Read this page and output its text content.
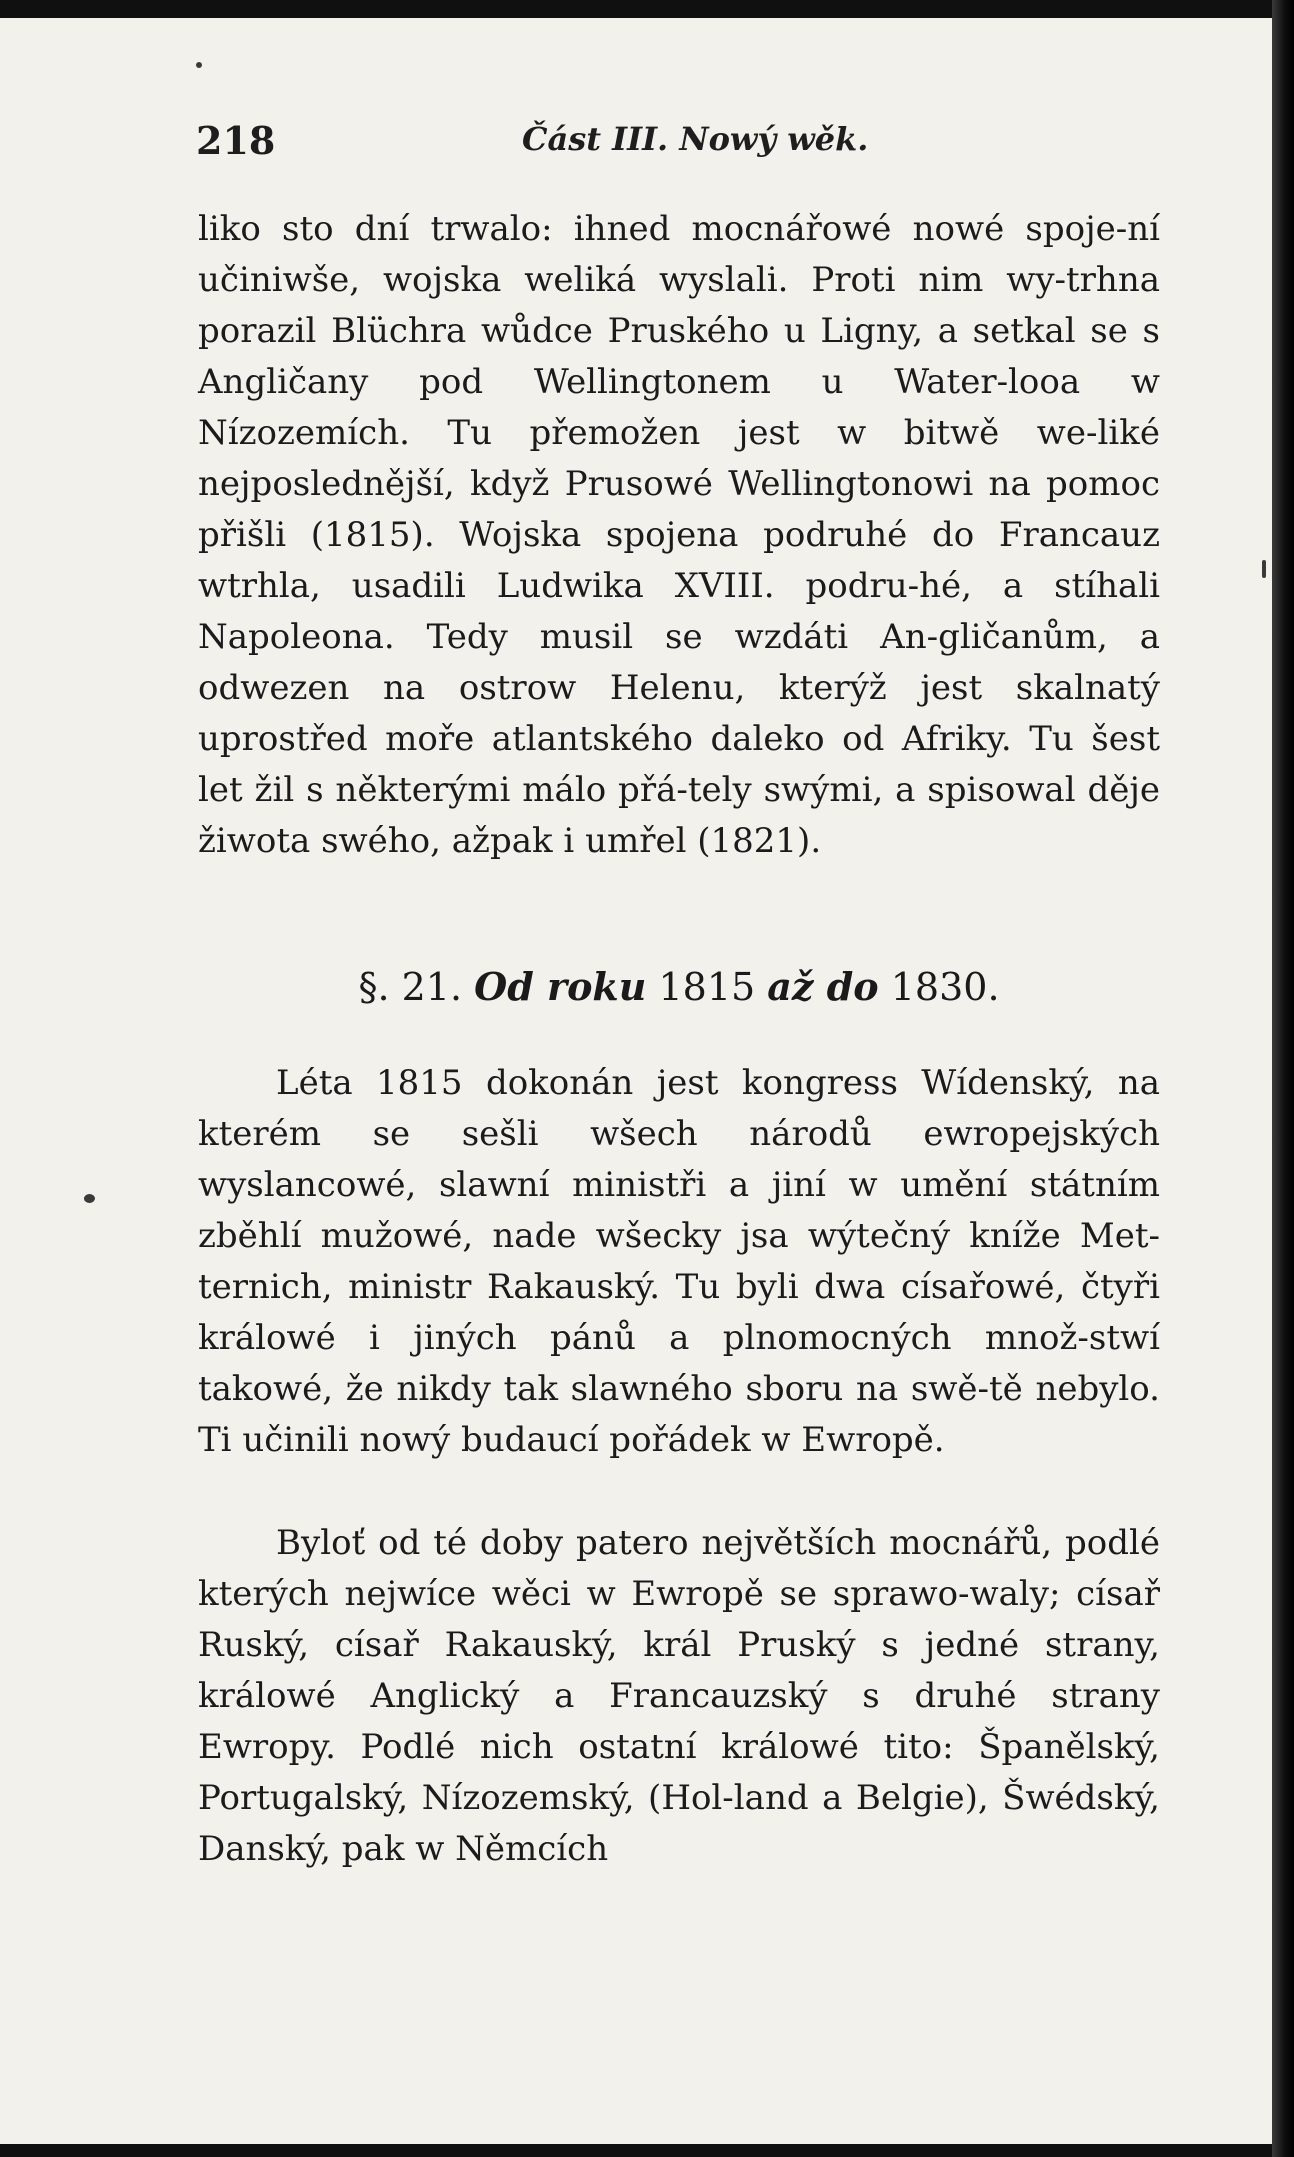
218	Část III. Nowý wěk.
liko sto dní trwalo: ihned mocnářowé nowé spoje-ní učiniwše, wojska weliká wyslali. Proti nim wy-trhna porazil Blüchra wůdce Pruského u Ligny, a setkal se s Angličany pod Wellingtonem u Water-looa w Nízozemích. Tu přemožen jest w bitwě we-liké nejposlednější, když Prusowé Wellingtonowi na pomoc přišli (1815). Wojska spojena podruhé do Francauz wtrhla, usadili Ludwika XVIII. podru-hé, a stíhali Napoleona. Tedy musil se wzdáti An-gličanům, a odwezen na ostrow Helenu, kterýž jest skalnatý uprostřed moře atlantského daleko od Afriky. Tu šest let žil s některými málo přá-tely swými, a spisowal děje žiwota swého, ažpak i umřel (1821).
§. 21. Od roku 1815 až do 1830.
Léta 1815 dokonán jest kongress Wídenský, na kterém se sešli wšech národů ewropejských wyslancowé, slawní ministři a jiní w umění státním zběhlí mužowé, nade wšecky jsa wýtečný kníže Met-ternich, ministr Rakauský. Tu byli dwa císařowé, čtyři králowé i jiných pánů a plnomocných množ-stwí takowé, že nikdy tak slawného sboru na swě-tě nebylo. Ti učinili nowý budaucí pořádek w Ewropě.
Byloť od té doby patero největších mocnářů, podlé kterých nejwíce wěci w Ewropě se sprawo-waly; císař Ruský, císař Rakauský, král Pruský s jedné strany, králowé Anglický a Francauzský s druhé strany Ewropy. Podlé nich ostatní králowé tito: Španělský, Portugalský, Nízozemský, (Hol-land a Belgie), Šwédský, Danský, pak w Němcích
